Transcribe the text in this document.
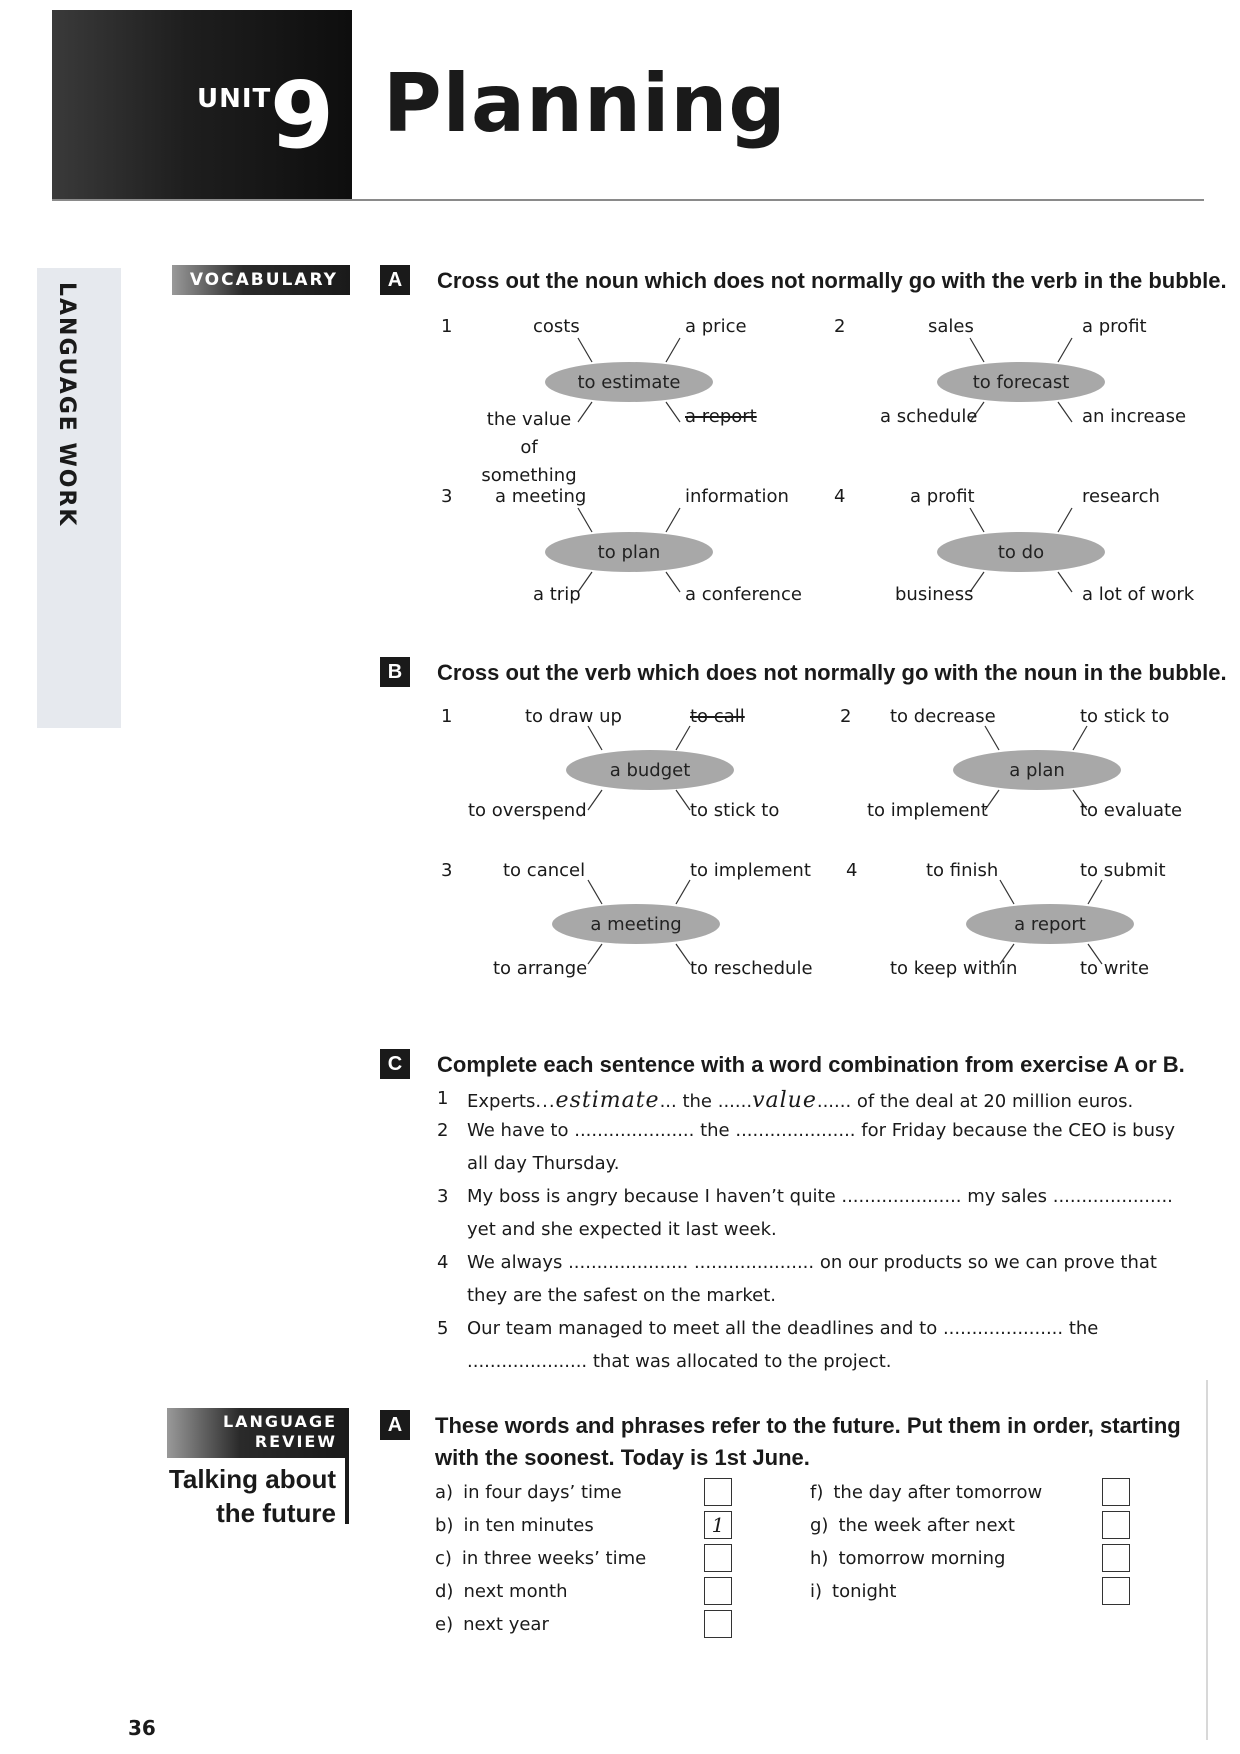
UNIT
9 Planning
LANGUAGE WORK
VOCABULARY	A	Cross out the noun which does not normally go with the verb in the bubble.
1	costs	a price
to estimate
the value of something
a report
2	sales	a profit
to forecast
a schedule	an increase
3 a meeting	information
to plan
a trip	a conference
4	a profit	research
to do
business	a lot of work
B	Cross out the verb which does not normally go with the noun in the bubble.
1	to draw up	to call
a budget
to overspend	to stick to
2 to decrease	to stick to
a plan
to implement	to evaluate
3	to cancel	to implement
a meeting
to arrange	to reschedule
4	to finish	to submit
a report
to keep within	to write
C	Complete each sentence with a word combination from exercise A or B.
1 Experts...estimate... the ......value...... of the deal at 20 million euros.
2 We have to ..................... the ..................... for Friday because the CEO is busy
all day Thursday.
3 My boss is angry because I haven’t quite ..................... my sales .....................
yet and she expected it last week.
4 We always ..................... ..................... on our products so we can prove that
they are the safest on the market.
5 Our team managed to meet all the deadlines and to ..................... the
..................... that was allocated to the project.
LANGUAGE
REVIEW
Talking about
the future
A	These words and phrases refer to the future. Put them in order, starting
with the soonest. Today is 1st June.
a) in four days’ time
b) in ten minutes	1
c) in three weeks’ time
d) next month
e) next year
f) the day after tomorrow
g) the week after next
h) tomorrow morning
i) tonight
36
